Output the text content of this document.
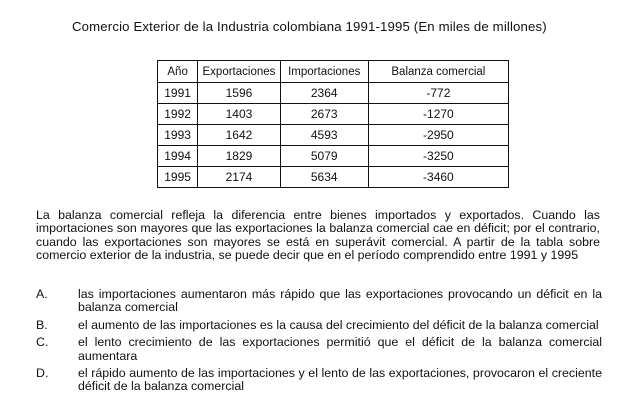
Comercio Exterior de la Industria colombiana 1991-1995 (En miles de millones)
Año	Exportaciones	Importaciones	Balanza comercial
1991	1596	2364	-772
1992	1403	2673	-1270
1993	1642	4593	-2950
1994	1829	5079	-3250
1995	2174	5634	-3460

La balanza comercial refleja la diferencia entre bienes importados y exportados. Cuando las importaciones son mayores que las exportaciones la balanza comercial cae en déficit; por el contrario, cuando las exportaciones son mayores se está en superávit comercial. A partir de la tabla sobre comercio exterior de la industria, se puede decir que en el período comprendido entre 1991 y 1995

A.	las importaciones aumentaron más rápido que las exportaciones provocando un déficit en la balanza comercial
B.	el aumento de las importaciones es la causa del crecimiento del déficit de la balanza comercial
C.	el lento crecimiento de las exportaciones permitió que el déficit de la balanza comercial aumentara
D.	el rápido aumento de las importaciones y el lento de las exportaciones, provocaron el creciente déficit de la balanza comercial
